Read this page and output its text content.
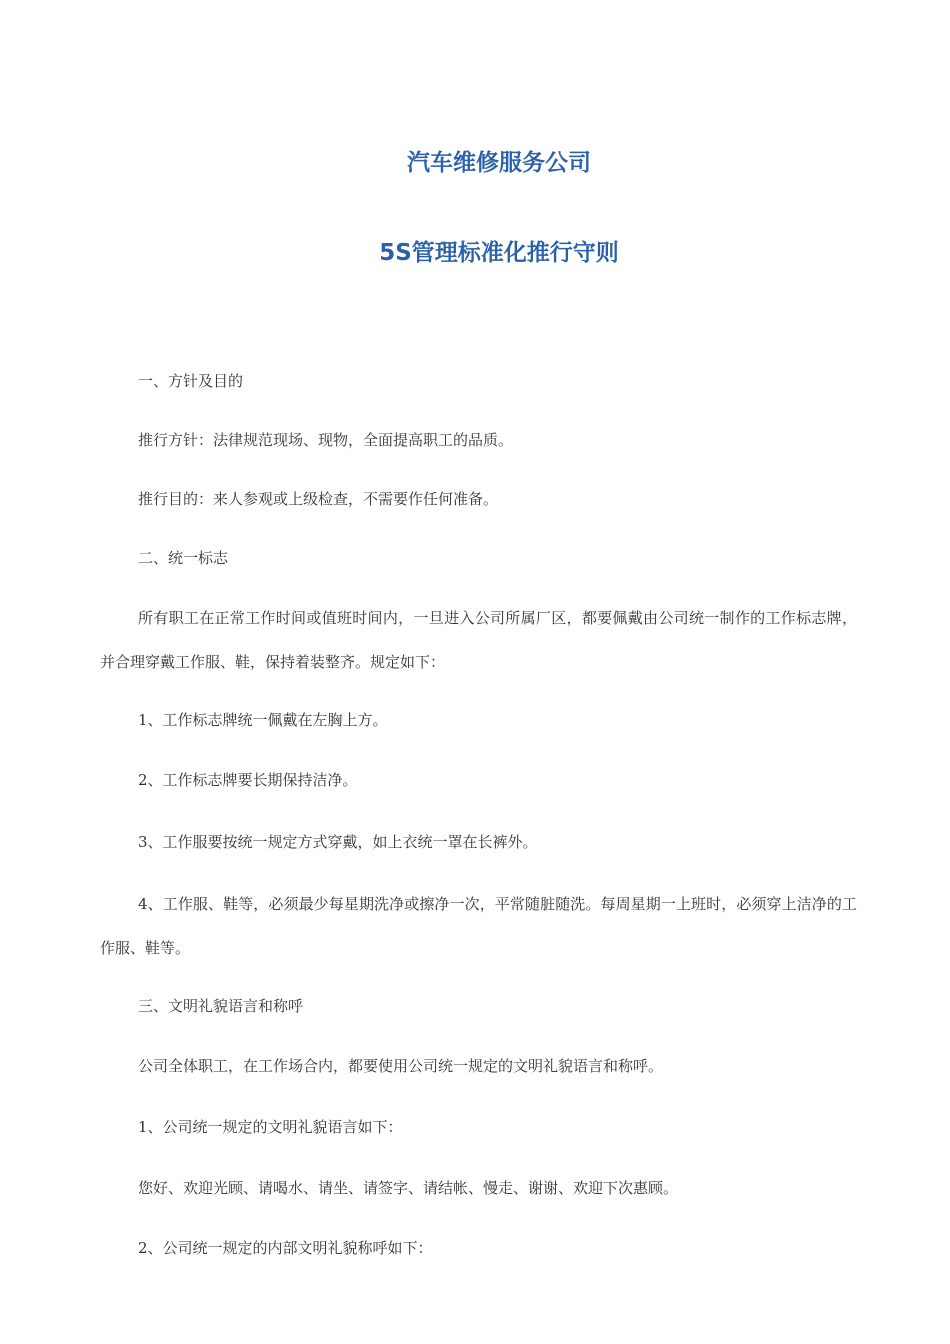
汽车维修服务公司
5S管理标准化推行守则

一、方针及目的

推行方针：法律规范现场、现物，全面提高职工的品质。

推行目的：来人参观或上级检查，不需要作任何准备。

二、统一标志

所有职工在正常工作时间或值班时间内，一旦进入公司所属厂区，都要佩戴由公司统一制作的工作标志牌，并合理穿戴工作服、鞋，保持着装整齐。规定如下：

1、工作标志牌统一佩戴在左胸上方。

2、工作标志牌要长期保持洁净。

3、工作服要按统一规定方式穿戴，如上衣统一罩在长裤外。

4、工作服、鞋等，必须最少每星期洗净或擦净一次，平常随脏随洗。每周星期一上班时，必须穿上洁净的工作服、鞋等。

三、文明礼貌语言和称呼

公司全体职工，在工作场合内，都要使用公司统一规定的文明礼貌语言和称呼。

1、公司统一规定的文明礼貌语言如下：

您好、欢迎光顾、请喝水、请坐、请签字、请结帐、慢走、谢谢、欢迎下次惠顾。

2、公司统一规定的内部文明礼貌称呼如下：
